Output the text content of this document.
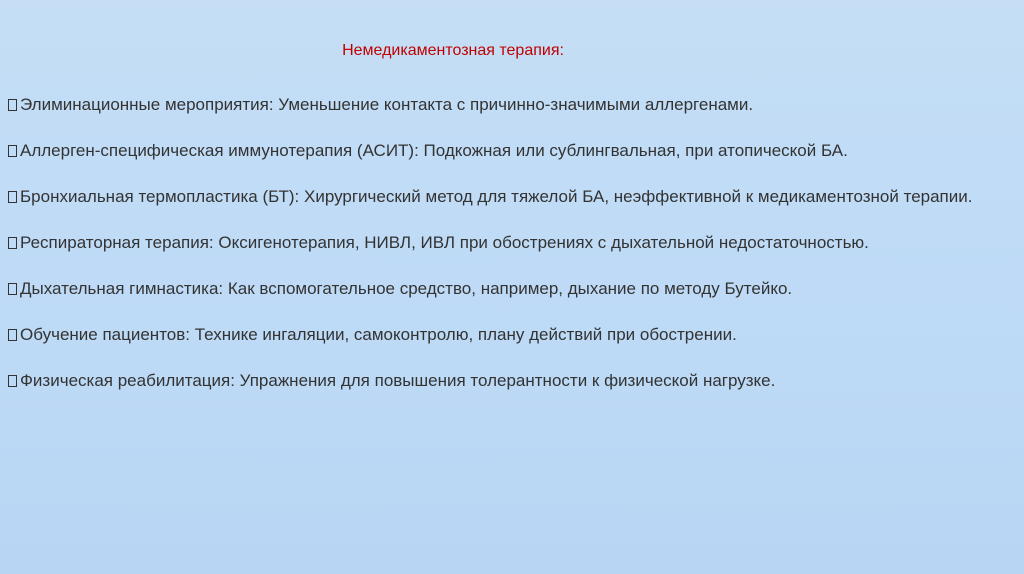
Немедикаментозная терапия:
Элиминационные мероприятия: Уменьшение контакта с причинно-значимыми аллергенами.
Аллерген-специфическая иммунотерапия (АСИТ): Подкожная или сублингвальная, при атопической БА.
Бронхиальная термопластика (БТ): Хирургический метод для тяжелой БА, неэффективной к медикаментозной терапии.
Респираторная терапия: Оксигенотерапия, НИВЛ, ИВЛ при обострениях с дыхательной недостаточностью.
Дыхательная гимнастика: Как вспомогательное средство, например, дыхание по методу Бутейко.
Обучение пациентов: Технике ингаляции, самоконтролю, плану действий при обострении.
Физическая реабилитация: Упражнения для повышения толерантности к физической нагрузке.
